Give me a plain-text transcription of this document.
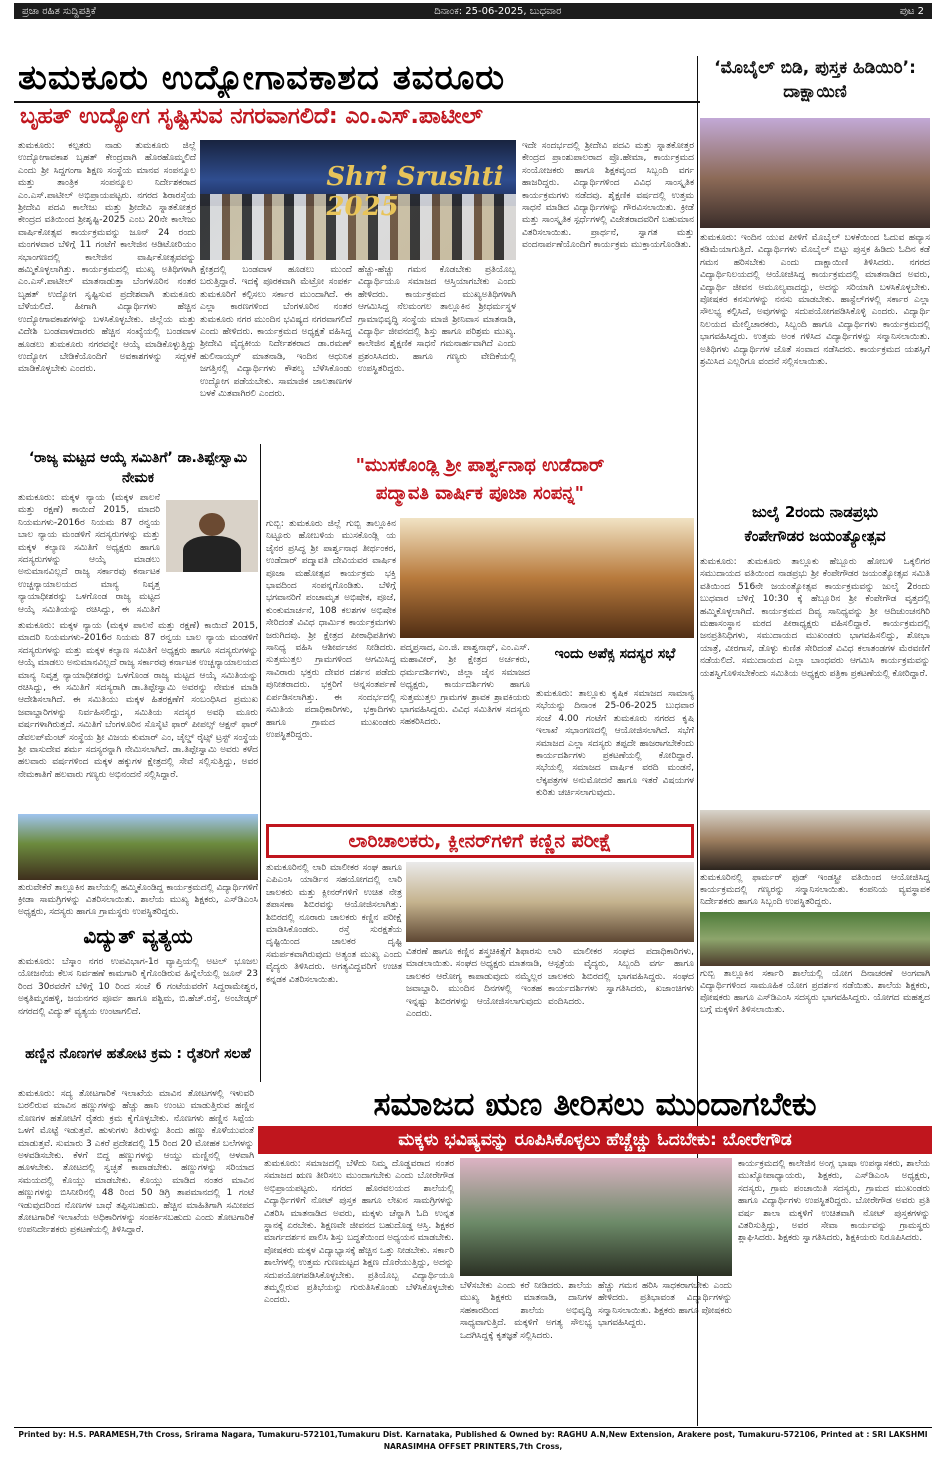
ಪ್ರಜಾ ರಹಿತ ಸುದ್ದಿಪತ್ರಿಕೆ	ದಿನಾಂಕ: 25-06-2025, ಬುಧವಾರ	ಪುಟ 2
ತುಮಕೂರು ಉದ್ಯೋಗಾವಕಾಶದ ತವರೂರು
ಬೃಹತ್ ಉದ್ಯೋಗ ಸೃಷ್ಟಿಸುವ ನಗರವಾಗಲಿದೆ: ಎಂ.ಎಸ್.ಪಾಟೀಲ್
ತುಮಕೂರು: ಕಲ್ಪತರು ನಾಡು ತುಮಕೂರು ಜಿಲ್ಲೆ ಉದ್ಯೋಗಾವಕಾಶ ಬೃಹತ್ ಕೇಂದ್ರವಾಗಿ ಹೊರಹೊಮ್ಮಲಿದೆ ಎಂದು ಶ್ರೀ ಸಿದ್ದಗಂಗಾ ಶಿಕ್ಷಣ ಸಂಸ್ಥೆಯ ಮಾನವ ಸಂಪನ್ಮೂಲ ಮತ್ತು ತಾಂತ್ರಿಕ ಸಂಪನ್ಮೂಲ ನಿರ್ದೇಶಕರಾದ ಎಂ.ಎಸ್.ಪಾಟೀಲ್ ಅಭಿಪ್ರಾಯಪಟ್ಟರು. ನಗರದ ಶಿರಾರಸ್ತೆಯ ಶ್ರೀದೇವಿ ಪದವಿ ಕಾಲೇಜು ಮತ್ತು ಶ್ರೀದೇವಿ ಸ್ನಾತಕೋತ್ತರ ಕೇಂದ್ರದ ವತಿಯಿಂದ ಶ್ರೀಶೃಷ್ಟಿ-2025 ಎಂಬ 20ನೇ ಕಾಲೇಜು ವಾರ್ಷಿಕೋತ್ಸವ ಕಾರ್ಯಕ್ರಮವನ್ನು ಜೂನ್ 24 ರಂದು ಮಂಗಳವಾರ ಬೆಳಿಗ್ಗೆ 11 ಗಂಟೆಗೆ ಕಾಲೇಜಿನ ಆಡಿಟೋರಿಯಂ ಸಭಾಂಗಣದಲ್ಲಿ ಕಾಲೇಜಿನ ವಾರ್ಷಿಕೋತ್ಸವವನ್ನು ಹಮ್ಮಿಕೊಳ್ಳಲಾಗಿತ್ತು. ಕಾರ್ಯಕ್ರಮದಲ್ಲಿ ಮುಖ್ಯ ಅತಿಥಿಗಳಾಗಿ ಎಂ.ಎಸ್.ಪಾಟೀಲ್ ಮಾತನಾಡುತ್ತಾ ಬೆಂಗಳೂರಿನ ನಂತರ ಬೃಹತ್ ಉದ್ಯೋಗ ಸೃಷ್ಟಿಸುವ ಪ್ರದೇಶವಾಗಿ ತುಮಕೂರು ಬೆಳೆಯಲಿದೆ. ಹೀಗಾಗಿ ವಿದ್ಯಾರ್ಥಿಗಳು ಹೆಚ್ಚಿನ ಉದ್ಯೋಗಾವಕಾಶಗಳನ್ನು ಬಳಸಿಕೊಳ್ಳಬೇಕು. ಜಿಲ್ಲೆಯ ಮತ್ತು ವಿದೇಶಿ ಬಂಡವಾಳದಾರರು ಹೆಚ್ಚಿನ ಸಂಖ್ಯೆಯಲ್ಲಿ ಬಂಡವಾಳ ಹೂಡಲು ತುಮಕೂರು ನಗರವನ್ನೇ ಆಯ್ಕೆ ಮಾಡಿಕೊಳ್ಳುತ್ತಿದ್ದು ಉದ್ಯೋಗ ಬೇಡಿಕೆಯೊಂದಿಗೆ ಅವಕಾಶಗಳನ್ನು ಸದ್ಬಳಕೆ ಮಾಡಿಕೊಳ್ಳಬೇಕು ಎಂದರು.
Shri Srushti 2025
ಕ್ಷೇತ್ರದಲ್ಲಿ ಬಂಡವಾಳ ಹೂಡಲು ಮುಂದೆ ಬರುತ್ತಿದ್ದಾರೆ. ಇದಕ್ಕೆ ಪೂರಕವಾಗಿ ಮೆಟ್ರೋ ಸಂಪರ್ಕ ತುಮಕೂರಿಗೆ ಕಲ್ಪಿಸಲು ಸರ್ಕಾರ ಮುಂದಾಗಿದೆ. ಈ ಎಲ್ಲಾ ಕಾರಣಗಳಿಂದ ಬೆಂಗಳೂರಿನ ನಂತರ ತುಮಕೂರು ನಗರ ಮುಂದಿನ ಭವಿಷ್ಯದ ನಗರವಾಗಲಿದೆ ಎಂದು ಹೇಳಿದರು. ಕಾರ್ಯಕ್ರಮದ ಅಧ್ಯಕ್ಷತೆ ವಹಿಸಿದ್ದ ಶ್ರೀದೇವಿ ವೈದ್ಯಕೀಯ ನಿರ್ದೇಶಕರಾದ ಡಾ.ರಮಣ್ ಹುಲಿನಾಯ್ಕರ್ ಮಾತನಾಡಿ, ಇಂದಿನ ಆಧುನಿಕ ಜಗತ್ತಿನಲ್ಲಿ ವಿದ್ಯಾರ್ಥಿಗಳು ಕೌಶಲ್ಯ ಬೆಳೆಸಿಕೊಂಡು ಉದ್ಯೋಗ ಪಡೆಯಬೇಕು. ಸಾಮಾಜಿಕ ಜಾಲತಾಣಗಳ ಬಳಕೆ ಮಿತವಾಗಿರಲಿ ಎಂದರು.
ಹೆಚ್ಚು-ಹೆಚ್ಚು ಗಮನ ಕೊಡಬೇಕು ಪ್ರತಿಯೊಬ್ಬ ವಿದ್ಯಾರ್ಥಿಯೂ ಸಮಾಜದ ಆಸ್ತಿಯಾಗಬೇಕು ಎಂದು ಹೇಳಿದರು. ಕಾರ್ಯಕ್ರಮದ ಮುಖ್ಯಅತಿಥಿಗಳಾಗಿ ಆಗಮಿಸಿದ್ದ ನೆಲಮಂಗಲ ತಾಲ್ಲೂಕಿನ ಶ್ರೀಧರ್ಮಸ್ಥಳ ಗ್ರಾಮಾಭಿವೃದ್ಧಿ ಸಂಸ್ಥೆಯ ಮಾಜಿ ಶ್ರೀನಿವಾಸ ಮಾತನಾಡಿ, ವಿದ್ಯಾರ್ಥಿ ಜೀವನದಲ್ಲಿ ಶಿಸ್ತು ಹಾಗೂ ಪರಿಶ್ರಮ ಮುಖ್ಯ. ಕಾಲೇಜಿನ ಶೈಕ್ಷಣಿಕ ಸಾಧನೆ ಗಮನಾರ್ಹವಾಗಿದೆ ಎಂದು ಪ್ರಶಂಸಿಸಿದರು. ಹಾಗೂ ಗಣ್ಯರು ವೇದಿಕೆಯಲ್ಲಿ ಉಪಸ್ಥಿತರಿದ್ದರು.
ಇದೇ ಸಂದರ್ಭದಲ್ಲಿ ಶ್ರೀದೇವಿ ಪದವಿ ಮತ್ತು ಸ್ನಾತಕೋತ್ತರ ಕೇಂದ್ರದ ಪ್ರಾಂಶುಪಾಲರಾದ ಪ್ರೊ.ಹೇಮಾ, ಕಾರ್ಯಕ್ರಮದ ಸಂಯೋಜಕರು ಹಾಗೂ ಶಿಕ್ಷಕವೃಂದ ಸಿಬ್ಬಂದಿ ವರ್ಗ ಹಾಜರಿದ್ದರು. ವಿದ್ಯಾರ್ಥಿಗಳಿಂದ ವಿವಿಧ ಸಾಂಸ್ಕೃತಿಕ ಕಾರ್ಯಕ್ರಮಗಳು ನಡೆದವು. ಶೈಕ್ಷಣಿಕ ವರ್ಷದಲ್ಲಿ ಉತ್ತಮ ಸಾಧನೆ ಮಾಡಿದ ವಿದ್ಯಾರ್ಥಿಗಳನ್ನು ಗೌರವಿಸಲಾಯಿತು. ಕ್ರೀಡೆ ಮತ್ತು ಸಾಂಸ್ಕೃತಿಕ ಸ್ಪರ್ಧೆಗಳಲ್ಲಿ ವಿಜೇತರಾದವರಿಗೆ ಬಹುಮಾನ ವಿತರಿಸಲಾಯಿತು. ಪ್ರಾರ್ಥನೆ, ಸ್ವಾಗತ ಮತ್ತು ವಂದನಾರ್ಪಣೆಯೊಂದಿಗೆ ಕಾರ್ಯಕ್ರಮ ಮುಕ್ತಾಯಗೊಂಡಿತು.
‘ಮೊಬೈಲ್ ಬಿಡಿ, ಪುಸ್ತಕ ಹಿಡಿಯಿರಿ’: ದಾಕ್ಷಾಯಿಣಿ
ತುಮಕೂರು: ಇಂದಿನ ಯುವ ಪೀಳಿಗೆ ಮೊಬೈಲ್ ಬಳಕೆಯಿಂದ ಓದುವ ಹವ್ಯಾಸ ಕಡಿಮೆಯಾಗುತ್ತಿದೆ. ವಿದ್ಯಾರ್ಥಿಗಳು ಮೊಬೈಲ್ ಬಿಟ್ಟು ಪುಸ್ತಕ ಹಿಡಿದು ಓದಿನ ಕಡೆ ಗಮನ ಹರಿಸಬೇಕು ಎಂದು ದಾಕ್ಷಾಯಿಣಿ ತಿಳಿಸಿದರು. ನಗರದ ವಿದ್ಯಾರ್ಥಿನಿಲಯದಲ್ಲಿ ಆಯೋಜಿಸಿದ್ದ ಕಾರ್ಯಕ್ರಮದಲ್ಲಿ ಮಾತನಾಡಿದ ಅವರು, ವಿದ್ಯಾರ್ಥಿ ಜೀವನ ಅಮೂಲ್ಯವಾದದ್ದು, ಅದನ್ನು ಸರಿಯಾಗಿ ಬಳಸಿಕೊಳ್ಳಬೇಕು. ಪೋಷಕರ ಕನಸುಗಳನ್ನು ನನಸು ಮಾಡಬೇಕು. ಹಾಸ್ಟೆಲ್‌ಗಳಲ್ಲಿ ಸರ್ಕಾರ ಎಲ್ಲಾ ಸೌಲಭ್ಯ ಕಲ್ಪಿಸಿದೆ, ಅವುಗಳನ್ನು ಸದುಪಯೋಗಪಡಿಸಿಕೊಳ್ಳಿ ಎಂದರು. ವಿದ್ಯಾರ್ಥಿ ನಿಲಯದ ಮೇಲ್ವಿಚಾರಕರು, ಸಿಬ್ಬಂದಿ ಹಾಗೂ ವಿದ್ಯಾರ್ಥಿಗಳು ಕಾರ್ಯಕ್ರಮದಲ್ಲಿ ಭಾಗವಹಿಸಿದ್ದರು. ಉತ್ತಮ ಅಂಕ ಗಳಿಸಿದ ವಿದ್ಯಾರ್ಥಿಗಳನ್ನು ಸನ್ಮಾನಿಸಲಾಯಿತು. ಅತಿಥಿಗಳು ವಿದ್ಯಾರ್ಥಿಗಳ ಜೊತೆ ಸಂವಾದ ನಡೆಸಿದರು. ಕಾರ್ಯಕ್ರಮದ ಯಶಸ್ಸಿಗೆ ಶ್ರಮಿಸಿದ ಎಲ್ಲರಿಗೂ ವಂದನೆ ಸಲ್ಲಿಸಲಾಯಿತು.
‘ರಾಜ್ಯ ಮಟ್ಟದ ಆಯ್ಕೆ ಸಮಿತಿಗೆ’ ಡಾ.ತಿಪ್ಪೇಸ್ವಾಮಿ ನೇಮಕ
ತುಮಕೂರು: ಮಕ್ಕಳ ನ್ಯಾಯ (ಮಕ್ಕಳ ಪಾಲನೆ ಮತ್ತು ರಕ್ಷಣೆ) ಕಾಯಿದೆ 2015, ಮಾದರಿ ನಿಯಮಗಳು-2016ರ ನಿಯಮ 87 ರನ್ವಯ ಬಾಲ ನ್ಯಾಯ ಮಂಡಳಿಗೆ ಸದಸ್ಯರುಗಳನ್ನು ಮತ್ತು ಮಕ್ಕಳ ಕಲ್ಯಾಣ ಸಮಿತಿಗೆ ಅಧ್ಯಕ್ಷರು ಹಾಗೂ ಸದಸ್ಯರುಗಳನ್ನು ಆಯ್ಕೆ ಮಾಡಲು ಅನುಮಾನವಿಲ್ಲದೆ ರಾಜ್ಯ ಸರ್ಕಾರವು ಕರ್ನಾಟಕ ಉಚ್ಚನ್ಯಾಯಾಲಯದ ಮಾನ್ಯ ನಿವೃತ್ತ ನ್ಯಾಯಾಧೀಶರನ್ನು ಒಳಗೊಂಡ ರಾಜ್ಯ ಮಟ್ಟದ ಆಯ್ಕೆ ಸಮಿತಿಯನ್ನು ರಚಿಸಿದ್ದು, ಈ ಸಮಿತಿಗೆ
ತುಮಕೂರು: ಮಕ್ಕಳ ನ್ಯಾಯ (ಮಕ್ಕಳ ಪಾಲನೆ ಮತ್ತು ರಕ್ಷಣೆ) ಕಾಯಿದೆ 2015, ಮಾದರಿ ನಿಯಮಗಳು-2016ರ ನಿಯಮ 87 ರನ್ವಯ ಬಾಲ ನ್ಯಾಯ ಮಂಡಳಿಗೆ ಸದಸ್ಯರುಗಳನ್ನು ಮತ್ತು ಮಕ್ಕಳ ಕಲ್ಯಾಣ ಸಮಿತಿಗೆ ಅಧ್ಯಕ್ಷರು ಹಾಗೂ ಸದಸ್ಯರುಗಳನ್ನು ಆಯ್ಕೆ ಮಾಡಲು ಅನುಮಾನವಿಲ್ಲದೆ ರಾಜ್ಯ ಸರ್ಕಾರವು ಕರ್ನಾಟಕ ಉಚ್ಚನ್ಯಾಯಾಲಯದ ಮಾನ್ಯ ನಿವೃತ್ತ ನ್ಯಾಯಾಧೀಶರನ್ನು ಒಳಗೊಂಡ ರಾಜ್ಯ ಮಟ್ಟದ ಆಯ್ಕೆ ಸಮಿತಿಯನ್ನು ರಚಿಸಿದ್ದು, ಈ ಸಮಿತಿಗೆ ಸದಸ್ಯರಾಗಿ ಡಾ.ತಿಪ್ಪೇಸ್ವಾಮಿ ಅವರನ್ನು ನೇಮಕ ಮಾಡಿ ಆದೇಶಿಸಲಾಗಿದೆ. ಈ ಸಮಿತಿಯು ಮಕ್ಕಳ ಹಿತರಕ್ಷಣೆಗೆ ಸಂಬಂಧಿಸಿದ ಪ್ರಮುಖ ಜವಾಬ್ದಾರಿಗಳನ್ನು ನಿರ್ವಹಿಸಲಿದ್ದು, ಸಮಿತಿಯ ಸದಸ್ಯರ ಅವಧಿ ಮೂರು ವರ್ಷಗಳಾಗಿರುತ್ತದೆ. ಸಮಿತಿಗೆ ಬೆಂಗಳೂರಿನ ಸೊಸೈಟಿ ಫಾರ್ ಪೀಪಲ್ಸ್ ಆಕ್ಷನ್ ಫಾರ್ ಡೆವಲಪ್‌ಮೆಂಟ್ ಸಂಸ್ಥೆಯ ಶ್ರೀ ವಿಜಯ ಕುಮಾರ್ ಎಂ, ಚೈಲ್ಡ್ ರೈಟ್ಸ್ ಟ್ರಸ್ಟ್ ಸಂಸ್ಥೆಯ ಶ್ರೀ ವಾಸುದೇವ ಶರ್ಮ ಸದಸ್ಯರನ್ನಾಗಿ ನೇಮಿಸಲಾಗಿದೆ. ಡಾ.ತಿಪ್ಪೇಸ್ವಾಮಿ ಅವರು ಕಳೆದ ಹಲವಾರು ವರ್ಷಗಳಿಂದ ಮಕ್ಕಳ ಹಕ್ಕುಗಳ ಕ್ಷೇತ್ರದಲ್ಲಿ ಸೇವೆ ಸಲ್ಲಿಸುತ್ತಿದ್ದು, ಅವರ ನೇಮಕಾತಿಗೆ ಹಲವಾರು ಗಣ್ಯರು ಅಭಿನಂದನೆ ಸಲ್ಲಿಸಿದ್ದಾರೆ.
ತುರುವೇಕೆರೆ ತಾಲ್ಲೂಕಿನ ಶಾಲೆಯಲ್ಲಿ ಹಮ್ಮಿಕೊಂಡಿದ್ದ ಕಾರ್ಯಕ್ರಮದಲ್ಲಿ ವಿದ್ಯಾರ್ಥಿಗಳಿಗೆ ಕ್ರೀಡಾ ಸಾಮಗ್ರಿಗಳನ್ನು ವಿತರಿಸಲಾಯಿತು. ಶಾಲೆಯ ಮುಖ್ಯ ಶಿಕ್ಷಕರು, ಎಸ್‌ಡಿಎಂಸಿ ಅಧ್ಯಕ್ಷರು, ಸದಸ್ಯರು ಹಾಗೂ ಗ್ರಾಮಸ್ಥರು ಉಪಸ್ಥಿತರಿದ್ದರು.
ವಿದ್ಯುತ್ ವ್ಯತ್ಯಯ
ತುಮಕೂರು: ಬೆಸ್ಕಾಂ ನಗರ ಉಪವಿಭಾಗ-1ರ ವ್ಯಾಪ್ತಿಯಲ್ಲಿ ಅಟಲ್ ಭೂಜಲ ಯೋಜನೆಯ ಕೆಲಸ ನಿರ್ವಹಣೆ ಕಾಮಗಾರಿ ಕೈಗೊಂಡಿರುವ ಹಿನ್ನೆಲೆಯಲ್ಲಿ ಜೂನ್ 23 ರಿಂದ 30ರವರೆಗೆ ಬೆಳಿಗ್ಗೆ 10 ರಿಂದ ಸಂಜೆ 6 ಗಂಟೆಯವರೆಗೆ ಸಿದ್ದರಾಮೇಶ್ವರ, ಅಕ್ಕತಿಮ್ಮನಹಳ್ಳಿ, ಜಯನಗರ ಪೂರ್ವ ಹಾಗೂ ಪಶ್ಚಿಮ, ಬಿ.ಹೆಚ್.ರಸ್ತೆ, ಅಂಬೇಡ್ಕರ್ ನಗರದಲ್ಲಿ ವಿದ್ಯುತ್ ವ್ಯತ್ಯಯ ಉಂಟಾಗಲಿದೆ.
ಹಣ್ಣಿನ ನೊಣಗಳ ಹತೋಟಿ ಕ್ರಮ : ರೈತರಿಗೆ ಸಲಹೆ
ತುಮಕೂರು: ಸದ್ಯ ತೋಟಗಾರಿಕೆ ಇಲಾಖೆಯ ಮಾವಿನ ತೋಟಗಳಲ್ಲಿ ಇಳುವರಿ ಬರಲಿರುವ ಮಾವಿನ ಹಣ್ಣುಗಳನ್ನು ಹೆಚ್ಚು ಹಾನಿ ಉಂಟು ಮಾಡುತ್ತಿರುವ ಹಣ್ಣಿನ ನೊಣಗಳ ಹತೋಟಿಗೆ ರೈತರು ಕ್ರಮ ಕೈಗೊಳ್ಳಬೇಕು. ನೊಣಗಳು ಹಣ್ಣಿನ ಸಿಪ್ಪೆಯ ಒಳಗೆ ಮೊಟ್ಟೆ ಇಡುತ್ತವೆ. ಹುಳುಗಳು ತಿರುಳನ್ನು ತಿಂದು ಹಣ್ಣು ಕೊಳೆಯುವಂತೆ ಮಾಡುತ್ತವೆ. ಸುಮಾರು 3 ಎಕರೆ ಪ್ರದೇಶದಲ್ಲಿ 15 ರಿಂದ 20 ಮೋಹಕ ಬಲೆಗಳನ್ನು ಅಳವಡಿಸಬೇಕು. ಕೆಳಗೆ ಬಿದ್ದ ಹಣ್ಣುಗಳನ್ನು ಆಯ್ದು ಮಣ್ಣಿನಲ್ಲಿ ಆಳವಾಗಿ ಹೂಳಬೇಕು. ತೋಟದಲ್ಲಿ ಸ್ವಚ್ಛತೆ ಕಾಪಾಡಬೇಕು. ಹಣ್ಣುಗಳನ್ನು ಸರಿಯಾದ ಸಮಯದಲ್ಲಿ ಕೊಯ್ಲು ಮಾಡಬೇಕು. ಕೊಯ್ಲು ಮಾಡಿದ ನಂತರ ಮಾವಿನ ಹಣ್ಣುಗಳನ್ನು ಬಿಸಿನೀರಿನಲ್ಲಿ 48 ರಿಂದ 50 ಡಿಗ್ರಿ ತಾಪಮಾನದಲ್ಲಿ 1 ಗಂಟೆ ಇಡುವುದರಿಂದ ನೊಣಗಳ ಬಾಧೆ ತಪ್ಪಿಸಬಹುದು. ಹೆಚ್ಚಿನ ಮಾಹಿತಿಗಾಗಿ ಸಮೀಪದ ತೋಟಗಾರಿಕೆ ಇಲಾಖೆಯ ಅಧಿಕಾರಿಗಳನ್ನು ಸಂಪರ್ಕಿಸಬಹುದು ಎಂದು ತೋಟಗಾರಿಕೆ ಉಪನಿರ್ದೇಶಕರು ಪ್ರಕಟಣೆಯಲ್ಲಿ ತಿಳಿಸಿದ್ದಾರೆ.
"ಮುಸಕೊಂಡ್ಲಿ ಶ್ರೀ ಪಾರ್ಶ್ವನಾಥ ಉಡೆದಾರ್
ಪದ್ಮಾವತಿ ವಾರ್ಷಿಕ ಪೂಜಾ ಸಂಪನ್ನ"
ಗುಬ್ಬಿ: ತುಮಕೂರು ಜಿಲ್ಲೆ ಗುಬ್ಬಿ ತಾಲ್ಲೂಕಿನ ನಿಟ್ಟೂರು ಹೋಬಳಿಯ ಮುಸಕೊಂಡ್ಲಿ ಯ ಜೈನರ ಪ್ರಸಿದ್ಧ ಶ್ರೀ ಪಾರ್ಶ್ವನಾಥ ತೀರ್ಥಂಕರ, ಉಡೆದಾರ್ ಪದ್ಮಾವತಿ ದೇವಿಯವರ ವಾರ್ಷಿಕ ಪೂಜಾ ಮಹೋತ್ಸವ ಕಾರ್ಯಕ್ರಮ ಭಕ್ತಿ ಭಾವದಿಂದ ಸಂಪನ್ನಗೊಂಡಿತು. ಬೆಳಿಗ್ಗೆ ಭಗವಾನರಿಗೆ ಪಂಚಾಮೃತ ಅಭಿಷೇಕ, ಪೂಜೆ, ಕುಂಕುಮಾರ್ಚನೆ, 108 ಕಲಶಗಳ ಅಭಿಷೇಕ ಸೇರಿದಂತೆ ವಿವಿಧ ಧಾರ್ಮಿಕ ಕಾರ್ಯಕ್ರಮಗಳು ಜರುಗಿದವು. ಶ್ರೀ ಕ್ಷೇತ್ರದ ಪೀಠಾಧಿಪತಿಗಳು ಸಾನಿಧ್ಯ ವಹಿಸಿ ಆಶೀರ್ವಚನ ನೀಡಿದರು. ಸುತ್ತಮುತ್ತಲ ಗ್ರಾಮಗಳಿಂದ ಆಗಮಿಸಿದ್ದ ಸಾವಿರಾರು ಭಕ್ತರು ದೇವರ ದರ್ಶನ ಪಡೆದು ಪುನೀತರಾದರು. ಭಕ್ತರಿಗೆ ಅನ್ನಸಂತರ್ಪಣೆ ಏರ್ಪಡಿಸಲಾಗಿತ್ತು. ಈ ಸಂದರ್ಭದಲ್ಲಿ ಸಮಿತಿಯ ಪದಾಧಿಕಾರಿಗಳು, ಭಕ್ತಾದಿಗಳು ಹಾಗೂ ಗ್ರಾಮದ ಮುಖಂಡರು ಉಪಸ್ಥಿತರಿದ್ದರು.
ಪದ್ಮಪ್ರಸಾದ, ಎಂ.ಜಿ. ಪಾಶ್ವನಾಥ್, ಎಂ.ಎಸ್. ಮಹಾವೀರ್, ಶ್ರೀ ಕ್ಷೇತ್ರದ ಅರ್ಚಕರು, ಧರ್ಮದರ್ಶಿಗಳು, ಜಿಲ್ಲಾ ಜೈನ ಸಮಾಜದ ಅಧ್ಯಕ್ಷರು, ಕಾರ್ಯದರ್ಶಿಗಳು ಹಾಗೂ ಸುತ್ತಮುತ್ತಲ ಗ್ರಾಮಗಳ ಶ್ರಾವಕ ಶ್ರಾವಕಿಯರು ಭಾಗವಹಿಸಿದ್ದರು. ವಿವಿಧ ಸಮಿತಿಗಳ ಸದಸ್ಯರು ಸಹಕರಿಸಿದರು.
ಇಂದು ಅಪೆಕ್ಸ ಸದಸ್ಯರ ಸಭೆ
ತುಮಕೂರು: ತಾಲ್ಲೂಕು ಕೃಷಿಕ ಸಮಾಜದ ಸಾಮಾನ್ಯ ಸಭೆಯನ್ನು ದಿನಾಂಕ 25-06-2025 ಬುಧವಾರ ಸಂಜೆ 4.00 ಗಂಟೆಗೆ ತುಮಕೂರು ನಗರದ ಕೃಷಿ ಇಲಾಖೆ ಸಭಾಂಗಣದಲ್ಲಿ ಆಯೋಜಿಸಲಾಗಿದೆ. ಸಭೆಗೆ ಸಮಾಜದ ಎಲ್ಲಾ ಸದಸ್ಯರು ತಪ್ಪದೇ ಹಾಜರಾಗಬೇಕೆಂದು ಕಾರ್ಯದರ್ಶಿಗಳು ಪ್ರಕಟಣೆಯಲ್ಲಿ ಕೋರಿದ್ದಾರೆ. ಸಭೆಯಲ್ಲಿ ಸಮಾಜದ ವಾರ್ಷಿಕ ವರದಿ ಮಂಡನೆ, ಲೆಕ್ಕಪತ್ರಗಳ ಅನುಮೋದನೆ ಹಾಗೂ ಇತರೆ ವಿಷಯಗಳ ಕುರಿತು ಚರ್ಚಿಸಲಾಗುವುದು.
ಜುಲೈ 2ರಂದು ನಾಡಪ್ರಭು
ಕೆಂಪೇಗೌಡರ ಜಯಂತ್ಯೋತ್ಸವ
ತುಮಕೂರು: ತುಮಕೂರು ತಾಲ್ಲೂಕು ಹೆಬ್ಬೂರು ಹೋಬಳಿ ಒಕ್ಕಲಿಗರ ಸಮುದಾಯದ ವತಿಯಿಂದ ನಾಡಪ್ರಭು ಶ್ರೀ ಕೆಂಪೇಗೌಡರ ಜಯಂತ್ಯೋತ್ಸವ ಸಮಿತಿ ವತಿಯಿಂದ 516ನೇ ಜಯಂತ್ಯೋತ್ಸವ ಕಾರ್ಯಕ್ರಮವನ್ನು ಜುಲೈ 2ರಂದು ಬುಧವಾರ ಬೆಳಿಗ್ಗೆ 10:30 ಕ್ಕೆ ಹೆಬ್ಬೂರಿನ ಶ್ರೀ ಕೆಂಪೇಗೌಡ ವೃತ್ತದಲ್ಲಿ ಹಮ್ಮಿಕೊಳ್ಳಲಾಗಿದೆ. ಕಾರ್ಯಕ್ರಮದ ದಿವ್ಯ ಸಾನಿಧ್ಯವನ್ನು ಶ್ರೀ ಆದಿಚುಂಚನಗಿರಿ ಮಹಾಸಂಸ್ಥಾನ ಮಠದ ಪೀಠಾಧ್ಯಕ್ಷರು ವಹಿಸಲಿದ್ದಾರೆ. ಕಾರ್ಯಕ್ರಮದಲ್ಲಿ ಜನಪ್ರತಿನಿಧಿಗಳು, ಸಮುದಾಯದ ಮುಖಂಡರು ಭಾಗವಹಿಸಲಿದ್ದು, ಶೋಭಾ ಯಾತ್ರೆ, ವೀರಗಾಸೆ, ಡೊಳ್ಳು ಕುಣಿತ ಸೇರಿದಂತೆ ವಿವಿಧ ಕಲಾತಂಡಗಳ ಮೆರವಣಿಗೆ ನಡೆಯಲಿದೆ. ಸಮುದಾಯದ ಎಲ್ಲಾ ಬಾಂಧವರು ಆಗಮಿಸಿ ಕಾರ್ಯಕ್ರಮವನ್ನು ಯಶಸ್ವಿಗೊಳಿಸಬೇಕೆಂದು ಸಮಿತಿಯ ಅಧ್ಯಕ್ಷರು ಪತ್ರಿಕಾ ಪ್ರಕಟಣೆಯಲ್ಲಿ ಕೋರಿದ್ದಾರೆ.
ತುಮಕೂರಿನಲ್ಲಿ ಫಾರ್ಮರ್ ಫುಡ್ ಇಂಡಸ್ಟ್ರೀ ವತಿಯಿಂದ ಆಯೋಜಿಸಿದ್ದ ಕಾರ್ಯಕ್ರಮದಲ್ಲಿ ಗಣ್ಯರನ್ನು ಸನ್ಮಾನಿಸಲಾಯಿತು. ಕಂಪನಿಯ ವ್ಯವಸ್ಥಾಪಕ ನಿರ್ದೇಶಕರು ಹಾಗೂ ಸಿಬ್ಬಂದಿ ಉಪಸ್ಥಿತರಿದ್ದರು.
ಗುಬ್ಬಿ ತಾಲ್ಲೂಕಿನ ಸರ್ಕಾರಿ ಶಾಲೆಯಲ್ಲಿ ಯೋಗ ದಿನಾಚರಣೆ ಅಂಗವಾಗಿ ವಿದ್ಯಾರ್ಥಿಗಳಿಂದ ಸಾಮೂಹಿಕ ಯೋಗ ಪ್ರದರ್ಶನ ನಡೆಯಿತು. ಶಾಲೆಯ ಶಿಕ್ಷಕರು, ಪೋಷಕರು ಹಾಗೂ ಎಸ್‌ಡಿಎಂಸಿ ಸದಸ್ಯರು ಭಾಗವಹಿಸಿದ್ದರು. ಯೋಗದ ಮಹತ್ವದ ಬಗ್ಗೆ ಮಕ್ಕಳಿಗೆ ತಿಳಿಸಲಾಯಿತು.
ಲಾರಿಚಾಲಕರು, ಕ್ಲೀನರ್‌ಗಳಿಗೆ ಕಣ್ಣಿನ ಪರೀಕ್ಷೆ
ತುಮಕೂರಿನಲ್ಲಿ ಲಾರಿ ಮಾಲೀಕರ ಸಂಘ ಹಾಗೂ ಎಪಿಎಂಸಿ ಯಾರ್ಡಿನ ಸಹಯೋಗದಲ್ಲಿ ಲಾರಿ ಚಾಲಕರು ಮತ್ತು ಕ್ಲೀನರ್‌ಗಳಿಗೆ ಉಚಿತ ನೇತ್ರ ತಪಾಸಣಾ ಶಿಬಿರವನ್ನು ಆಯೋಜಿಸಲಾಗಿತ್ತು. ಶಿಬಿರದಲ್ಲಿ ನೂರಾರು ಚಾಲಕರು ಕಣ್ಣಿನ ಪರೀಕ್ಷೆ ಮಾಡಿಸಿಕೊಂಡರು. ರಸ್ತೆ ಸುರಕ್ಷತೆಯ ದೃಷ್ಟಿಯಿಂದ ಚಾಲಕರ ದೃಷ್ಟಿ ಸಮರ್ಪಕವಾಗಿರುವುದು ಅತ್ಯಂತ ಮುಖ್ಯ ಎಂದು ವೈದ್ಯರು ತಿಳಿಸಿದರು. ಅಗತ್ಯವಿದ್ದವರಿಗೆ ಉಚಿತ ಕನ್ನಡಕ ವಿತರಿಸಲಾಯಿತು.
ವಿತರಣೆ ಹಾಗೂ ಕಣ್ಣಿನ ಶಸ್ತ್ರಚಿಕಿತ್ಸೆಗೆ ಶಿಫಾರಸು ಮಾಡಲಾಯಿತು. ಸಂಘದ ಅಧ್ಯಕ್ಷರು ಮಾತನಾಡಿ, ಚಾಲಕರ ಆರೋಗ್ಯ ಕಾಪಾಡುವುದು ನಮ್ಮೆಲ್ಲರ ಜವಾಬ್ದಾರಿ. ಮುಂದಿನ ದಿನಗಳಲ್ಲಿ ಇಂತಹ ಇನ್ನಷ್ಟು ಶಿಬಿರಗಳನ್ನು ಆಯೋಜಿಸಲಾಗುವುದು ಎಂದರು.
ಲಾರಿ ಮಾಲೀಕರ ಸಂಘದ ಪದಾಧಿಕಾರಿಗಳು, ಆಸ್ಪತ್ರೆಯ ವೈದ್ಯರು, ಸಿಬ್ಬಂದಿ ವರ್ಗ ಹಾಗೂ ಚಾಲಕರು ಶಿಬಿರದಲ್ಲಿ ಭಾಗವಹಿಸಿದ್ದರು. ಸಂಘದ ಕಾರ್ಯದರ್ಶಿಗಳು ಸ್ವಾಗತಿಸಿದರು, ಖಜಾಂಚಿಗಳು ವಂದಿಸಿದರು.
ಸಮಾಜದ ಋಣ ತೀರಿಸಲು ಮುಂದಾಗಬೇಕು
ಮಕ್ಕಳು ಭವಿಷ್ಯವನ್ನು ರೂಪಿಸಿಕೊಳ್ಳಲು ಹೆಚ್ಚೆಚ್ಚು ಓದಬೇಕು: ಬೋರೇಗೌಡ
ತುಮಕೂರು: ಸಮಾಜದಲ್ಲಿ ಬೆಳೆದು ನಿಮ್ಮ ದೊಡ್ಡವರಾದ ನಂತರ ಸಮಾಜದ ಋಣ ತೀರಿಸಲು ಮುಂದಾಗಬೇಕು ಎಂದು ಬೋರೇಗೌಡ ಅಭಿಪ್ರಾಯಪಟ್ಟರು. ನಗರದ ಹೊರವಲಯದ ಶಾಲೆಯಲ್ಲಿ ವಿದ್ಯಾರ್ಥಿಗಳಿಗೆ ನೋಟ್ ಪುಸ್ತಕ ಹಾಗೂ ಲೇಖನ ಸಾಮಗ್ರಿಗಳನ್ನು ವಿತರಿಸಿ ಮಾತನಾಡಿದ ಅವರು, ಮಕ್ಕಳು ಚೆನ್ನಾಗಿ ಓದಿ ಉನ್ನತ ಸ್ಥಾನಕ್ಕೆ ಏರಬೇಕು. ಶಿಕ್ಷಣವೇ ಜೀವನದ ಬಹುದೊಡ್ಡ ಆಸ್ತಿ. ಶಿಕ್ಷಕರ ಮಾರ್ಗದರ್ಶನ ಪಾಲಿಸಿ ಶಿಸ್ತು ಬದ್ಧತೆಯಿಂದ ಅಧ್ಯಯನ ಮಾಡಬೇಕು. ಪೋಷಕರು ಮಕ್ಕಳ ವಿದ್ಯಾಭ್ಯಾಸಕ್ಕೆ ಹೆಚ್ಚಿನ ಒತ್ತು ನೀಡಬೇಕು. ಸರ್ಕಾರಿ ಶಾಲೆಗಳಲ್ಲಿ ಉತ್ತಮ ಗುಣಮಟ್ಟದ ಶಿಕ್ಷಣ ದೊರೆಯುತ್ತಿದ್ದು, ಅದನ್ನು ಸದುಪಯೋಗಪಡಿಸಿಕೊಳ್ಳಬೇಕು. ಪ್ರತಿಯೊಬ್ಬ ವಿದ್ಯಾರ್ಥಿಯೂ ತಮ್ಮಲ್ಲಿರುವ ಪ್ರತಿಭೆಯನ್ನು ಗುರುತಿಸಿಕೊಂಡು ಬೆಳೆಸಿಕೊಳ್ಳಬೇಕು ಎಂದರು.
ಬೆಳೆಸಬೇಕು ಎಂದು ಕರೆ ನೀಡಿದರು. ಶಾಲೆಯ ಮುಖ್ಯ ಶಿಕ್ಷಕರು ಮಾತನಾಡಿ, ದಾನಿಗಳ ಸಹಕಾರದಿಂದ ಶಾಲೆಯ ಅಭಿವೃದ್ಧಿ ಸಾಧ್ಯವಾಗುತ್ತಿದೆ. ಮಕ್ಕಳಿಗೆ ಅಗತ್ಯ ಸೌಲಭ್ಯ ಒದಗಿಸಿದ್ದಕ್ಕೆ ಕೃತಜ್ಞತೆ ಸಲ್ಲಿಸಿದರು.
ಹೆಚ್ಚು ಗಮನ ಹರಿಸಿ ಸಾಧಕರಾಗಬೇಕು ಎಂದು ಹೇಳಿದರು. ಪ್ರತಿಭಾವಂತ ವಿದ್ಯಾರ್ಥಿಗಳನ್ನು ಸನ್ಮಾನಿಸಲಾಯಿತು. ಶಿಕ್ಷಕರು ಹಾಗೂ ಪೋಷಕರು ಭಾಗವಹಿಸಿದ್ದರು.
ಕಾರ್ಯಕ್ರಮದಲ್ಲಿ ಕಾಲೇಜಿನ ಅಂಗ್ಲ ಭಾಷಾ ಉಪನ್ಯಾಸಕರು, ಶಾಲೆಯ ಮುಖ್ಯೋಪಾಧ್ಯಾಯರು, ಶಿಕ್ಷಕರು, ಎಸ್‌ಡಿಎಂಸಿ ಅಧ್ಯಕ್ಷರು, ಸದಸ್ಯರು, ಗ್ರಾಮ ಪಂಚಾಯಿತಿ ಸದಸ್ಯರು, ಗ್ರಾಮದ ಮುಖಂಡರು ಹಾಗೂ ವಿದ್ಯಾರ್ಥಿಗಳು ಉಪಸ್ಥಿತರಿದ್ದರು. ಬೋರೇಗೌಡ ಅವರು ಪ್ರತಿ ವರ್ಷ ಶಾಲಾ ಮಕ್ಕಳಿಗೆ ಉಚಿತವಾಗಿ ನೋಟ್ ಪುಸ್ತಕಗಳನ್ನು ವಿತರಿಸುತ್ತಿದ್ದು, ಅವರ ಸೇವಾ ಕಾರ್ಯವನ್ನು ಗ್ರಾಮಸ್ಥರು ಶ್ಲಾಘಿಸಿದರು. ಶಿಕ್ಷಕರು ಸ್ವಾಗತಿಸಿದರು, ಶಿಕ್ಷಕಿಯರು ನಿರೂಪಿಸಿದರು.
Printed by: H.S. PARAMESH,7th Cross, Srirama Nagara, Tumakuru-572101,Tumakuru Dist. Karnataka, Published & Owned by: RAGHU A.N,New Extension, Arakere post, Tumakuru-572106, Printed at : SRI LAKSHMI NARASIMHA OFFSET PRINTERS,7th Cross,
